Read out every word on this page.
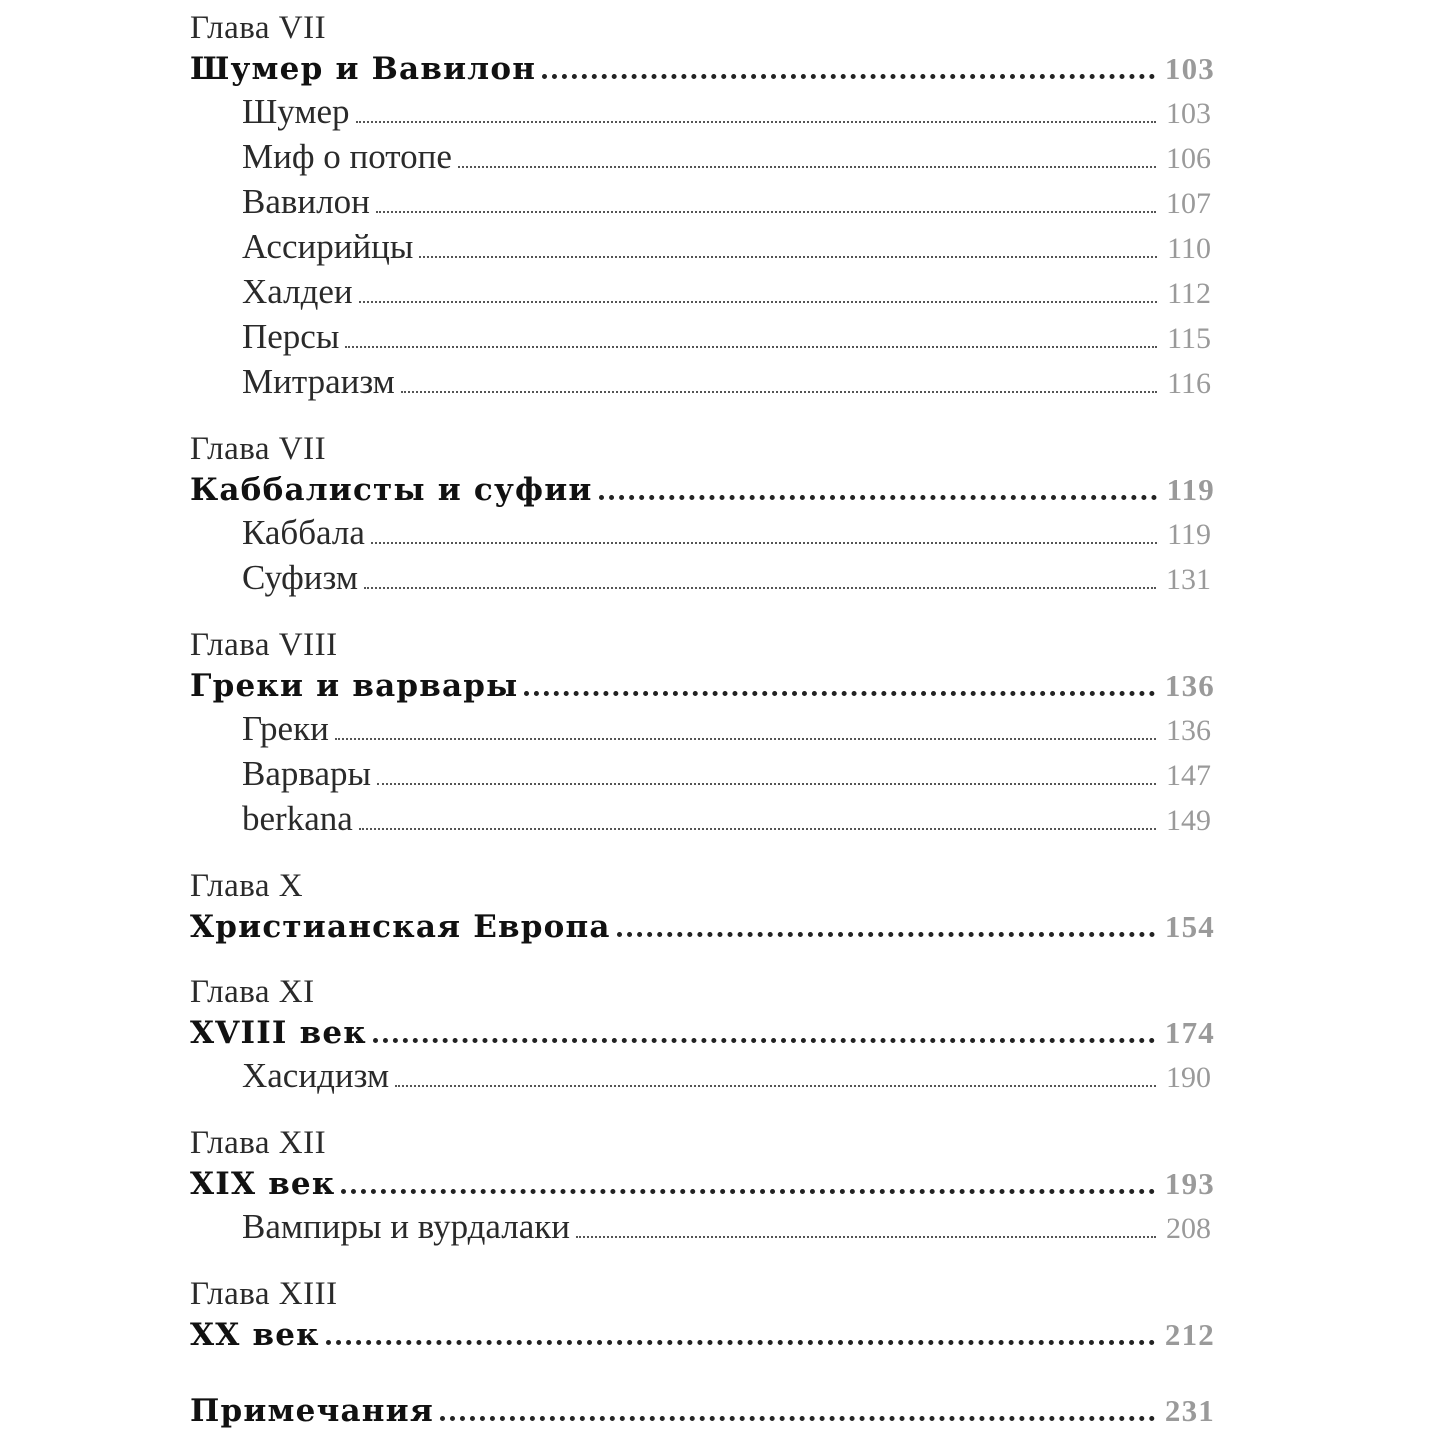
Глава VII
Шумер и Вавилон	103
Шумер	103
Миф о потопе	106
Вавилон	107
Ассирийцы	110
Халдеи	112
Персы	115
Митраизм	116
Глава VII
Каббалисты и суфии	119
Каббала	119
Суфизм	131
Глава VIII
Греки и варвары	136
Греки	136
Варвары	147
berkana	149
Глава X
Христианская Европа	154
Глава XI
XVIII век	174
Хасидизм	190
Глава XII
XIX век	193
Вампиры и вурдалаки	208
Глава XIII
XX век	212
Примечания	231
